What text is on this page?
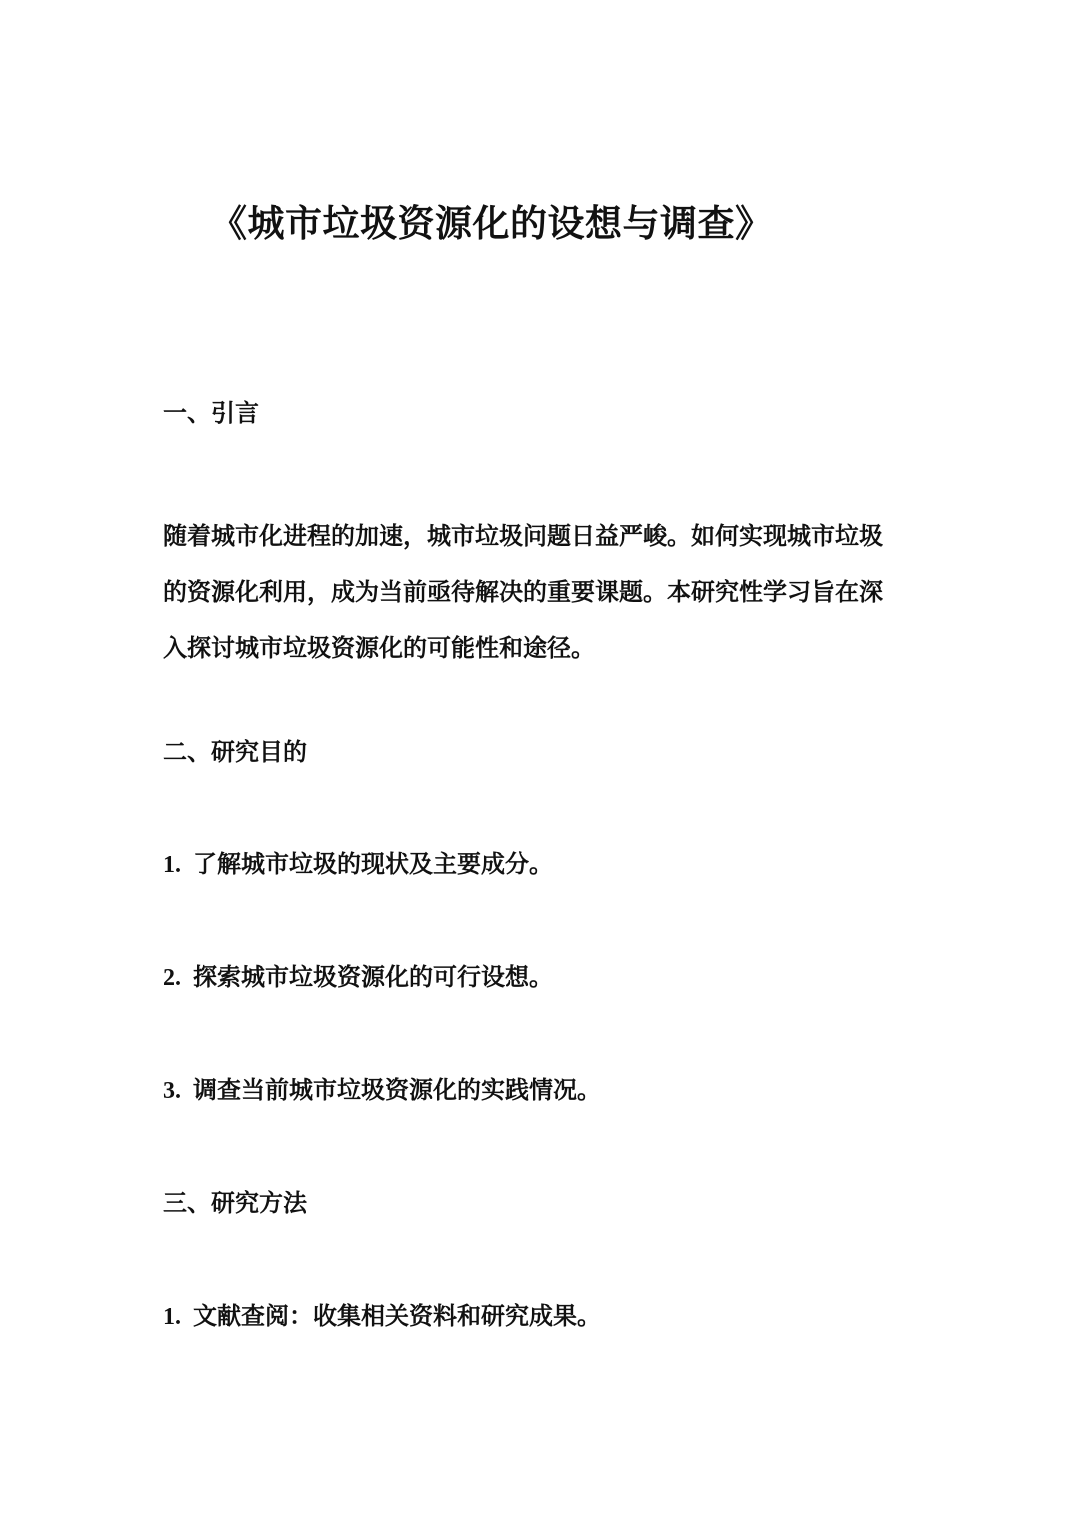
《城市垃圾资源化的设想与调查》
一、引言
随着城市化进程的加速，城市垃圾问题日益严峻。如何实现城市垃圾
的资源化利用，成为当前亟待解决的重要课题。本研究性学习旨在深
入探讨城市垃圾资源化的可能性和途径。
二、研究目的
1. 了解城市垃圾的现状及主要成分。
2. 探索城市垃圾资源化的可行设想。
3. 调查当前城市垃圾资源化的实践情况。
三、研究方法
1. 文献查阅：收集相关资料和研究成果。
